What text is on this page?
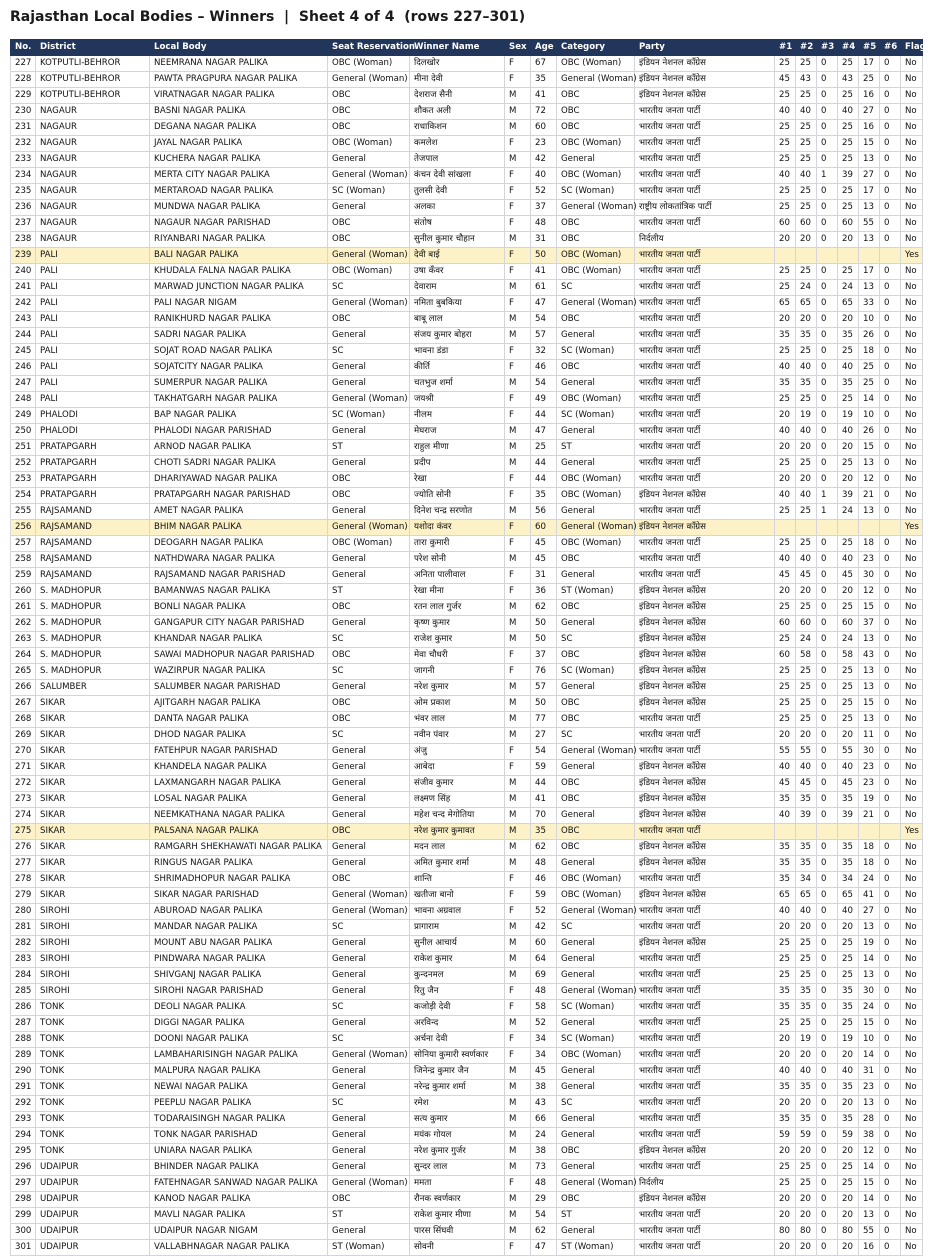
Rajasthan Local Bodies – Winners  |  Sheet 4 of 4  (rows 227–301)
No.	District	Local Body	Seat Reservation	Winner Name	Sex	Age	Category	Party	#1	#2	#3	#4	#5	#6	Flag
227	KOTPUTLI-BEHROR	NEEMRANA NAGAR PALIKA	OBC (Woman)	दिलखोर	F	67	OBC (Woman)	इंडियन नेशनल कॉंग्रेस	25	25	0	25	17	0	No
228	KOTPUTLI-BEHROR	PAWTA PRAGPURA NAGAR PALIKA	General (Woman)	मीना देवी	F	35	General (Woman)	इंडियन नेशनल कॉंग्रेस	45	43	0	43	25	0	No
229	KOTPUTLI-BEHROR	VIRATNAGAR NAGAR PALIKA	OBC	देशराज सैनी	M	41	OBC	इंडियन नेशनल कॉंग्रेस	25	25	0	25	16	0	No
230	NAGAUR	BASNI NAGAR PALIKA	OBC	शौकत अली	M	72	OBC	भारतीय जनता पार्टी	40	40	0	40	27	0	No
231	NAGAUR	DEGANA NAGAR PALIKA	OBC	राधाकिशन	M	60	OBC	भारतीय जनता पार्टी	25	25	0	25	16	0	No
232	NAGAUR	JAYAL NAGAR PALIKA	OBC (Woman)	कमलेश	F	23	OBC (Woman)	भारतीय जनता पार्टी	25	25	0	25	15	0	No
233	NAGAUR	KUCHERA NAGAR PALIKA	General	तेजपाल	M	42	General	भारतीय जनता पार्टी	25	25	0	25	13	0	No
234	NAGAUR	MERTA CITY NAGAR PALIKA	General (Woman)	कंचन देवी सांखला	F	40	OBC (Woman)	भारतीय जनता पार्टी	40	40	1	39	27	0	No
235	NAGAUR	MERTAROAD NAGAR PALIKA	SC (Woman)	तुलसी देवी	F	52	SC (Woman)	भारतीय जनता पार्टी	25	25	0	25	17	0	No
236	NAGAUR	MUNDWA NAGAR PALIKA	General	अलका	F	37	General (Woman)	राष्ट्रीय लोकतांत्रिक पार्टी	25	25	0	25	13	0	No
237	NAGAUR	NAGAUR NAGAR PARISHAD	OBC	संतोष	F	48	OBC	भारतीय जनता पार्टी	60	60	0	60	55	0	No
238	NAGAUR	RIYANBARI NAGAR PALIKA	OBC	सुनील कुमार चौहान	M	31	OBC	निर्दलीय	20	20	0	20	13	0	No
239	PALI	BALI NAGAR PALIKA	General (Woman)	देवी बाई	F	50	OBC (Woman)	भारतीय जनता पार्टी							Yes
240	PALI	KHUDALA FALNA NAGAR PALIKA	OBC (Woman)	उषा कँवर	F	41	OBC (Woman)	भारतीय जनता पार्टी	25	25	0	25	17	0	No
241	PALI	MARWAD JUNCTION NAGAR PALIKA	SC	देवाराम	M	61	SC	भारतीय जनता पार्टी	25	24	0	24	13	0	No
242	PALI	PALI NAGAR NIGAM	General (Woman)	नमिता बुबकिया	F	47	General (Woman)	भारतीय जनता पार्टी	65	65	0	65	33	0	No
243	PALI	RANIKHURD NAGAR PALIKA	OBC	बाबू लाल	M	54	OBC	भारतीय जनता पार्टी	20	20	0	20	10	0	No
244	PALI	SADRI NAGAR PALIKA	General	संजय कुमार बोहरा	M	57	General	भारतीय जनता पार्टी	35	35	0	35	26	0	No
245	PALI	SOJAT ROAD NAGAR PALIKA	SC	भावना डंडा	F	32	SC (Woman)	भारतीय जनता पार्टी	25	25	0	25	18	0	No
246	PALI	SOJATCITY NAGAR PALIKA	General	कीर्ति	F	46	OBC	भारतीय जनता पार्टी	40	40	0	40	25	0	No
247	PALI	SUMERPUR NAGAR PALIKA	General	चतभुज शर्मा	M	54	General	भारतीय जनता पार्टी	35	35	0	35	25	0	No
248	PALI	TAKHATGARH NAGAR PALIKA	General (Woman)	जयश्री	F	49	OBC (Woman)	भारतीय जनता पार्टी	25	25	0	25	14	0	No
249	PHALODI	BAP NAGAR PALIKA	SC (Woman)	नीलम	F	44	SC (Woman)	भारतीय जनता पार्टी	20	19	0	19	10	0	No
250	PHALODI	PHALODI NAGAR PARISHAD	General	मेघराज	M	47	General	भारतीय जनता पार्टी	40	40	0	40	26	0	No
251	PRATAPGARH	ARNOD NAGAR PALIKA	ST	राहुल मीणा	M	25	ST	भारतीय जनता पार्टी	20	20	0	20	15	0	No
252	PRATAPGARH	CHOTI SADRI NAGAR PALIKA	General	प्रदीप	M	44	General	भारतीय जनता पार्टी	25	25	0	25	13	0	No
253	PRATAPGARH	DHARIYAWAD NAGAR PALIKA	OBC	रेखा	F	44	OBC (Woman)	भारतीय जनता पार्टी	20	20	0	20	12	0	No
254	PRATAPGARH	PRATAPGARH NAGAR PARISHAD	OBC	ज्योति सोनी	F	35	OBC (Woman)	इंडियन नेशनल कॉंग्रेस	40	40	1	39	21	0	No
255	RAJSAMAND	AMET NAGAR PALIKA	General	दिनेश चन्द्र सरणोत	M	56	General	भारतीय जनता पार्टी	25	25	1	24	13	0	No
256	RAJSAMAND	BHIM NAGAR PALIKA	General (Woman)	यशोदा कंवर	F	60	General (Woman)	इंडियन नेशनल कॉंग्रेस							Yes
257	RAJSAMAND	DEOGARH NAGAR PALIKA	OBC (Woman)	तारा कुमारी	F	45	OBC (Woman)	भारतीय जनता पार्टी	25	25	0	25	18	0	No
258	RAJSAMAND	NATHDWARA NAGAR PALIKA	General	परेश सोनी	M	45	OBC	भारतीय जनता पार्टी	40	40	0	40	23	0	No
259	RAJSAMAND	RAJSAMAND NAGAR PARISHAD	General	अनिता पालीवाल	F	31	General	भारतीय जनता पार्टी	45	45	0	45	30	0	No
260	S. MADHOPUR	BAMANWAS NAGAR PALIKA	ST	रेखा मीना	F	36	ST (Woman)	इंडियन नेशनल कॉंग्रेस	20	20	0	20	12	0	No
261	S. MADHOPUR	BONLI NAGAR PALIKA	OBC	रतन लाल गुर्जर	M	62	OBC	इंडियन नेशनल कॉंग्रेस	25	25	0	25	15	0	No
262	S. MADHOPUR	GANGAPUR CITY NAGAR PARISHAD	General	कृष्ण कुमार	M	50	General	इंडियन नेशनल कॉंग्रेस	60	60	0	60	37	0	No
263	S. MADHOPUR	KHANDAR NAGAR PALIKA	SC	राजेश कुमार	M	50	SC	इंडियन नेशनल कॉंग्रेस	25	24	0	24	13	0	No
264	S. MADHOPUR	SAWAI MADHOPUR NAGAR PARISHAD	OBC	मेवा चौधरी	F	37	OBC	इंडियन नेशनल कॉंग्रेस	60	58	0	58	43	0	No
265	S. MADHOPUR	WAZIRPUR NAGAR PALIKA	SC	जागनी	F	76	SC (Woman)	इंडियन नेशनल कॉंग्रेस	25	25	0	25	13	0	No
266	SALUMBER	SALUMBER NAGAR PARISHAD	General	नरेश कुमार	M	57	General	इंडियन नेशनल कॉंग्रेस	25	25	0	25	13	0	No
267	SIKAR	AJITGARH NAGAR PALIKA	OBC	ओम प्रकाश	M	50	OBC	इंडियन नेशनल कॉंग्रेस	25	25	0	25	15	0	No
268	SIKAR	DANTA NAGAR PALIKA	OBC	भंवर लाल	M	77	OBC	भारतीय जनता पार्टी	25	25	0	25	13	0	No
269	SIKAR	DHOD NAGAR PALIKA	SC	नवीन पंवार	M	27	SC	भारतीय जनता पार्टी	20	20	0	20	11	0	No
270	SIKAR	FATEHPUR NAGAR PARISHAD	General	अंजु	F	54	General (Woman)	भारतीय जनता पार्टी	55	55	0	55	30	0	No
271	SIKAR	KHANDELA NAGAR PALIKA	General	आबेदा	F	59	General	इंडियन नेशनल कॉंग्रेस	40	40	0	40	23	0	No
272	SIKAR	LAXMANGARH NAGAR PALIKA	General	संजीव कुमार	M	44	OBC	इंडियन नेशनल कॉंग्रेस	45	45	0	45	23	0	No
273	SIKAR	LOSAL NAGAR PALIKA	General	लक्ष्मण सिंह	M	41	OBC	इंडियन नेशनल कॉंग्रेस	35	35	0	35	19	0	No
274	SIKAR	NEEMKATHANA NAGAR PALIKA	General	महेश चन्द मेगोतिया	M	70	General	इंडियन नेशनल कॉंग्रेस	40	39	0	39	21	0	No
275	SIKAR	PALSANA NAGAR PALIKA	OBC	नरेश कुमार कुमावत	M	35	OBC	भारतीय जनता पार्टी							Yes
276	SIKAR	RAMGARH SHEKHAWATI NAGAR PALIKA	General	मदन लाल	M	62	OBC	इंडियन नेशनल कॉंग्रेस	35	35	0	35	18	0	No
277	SIKAR	RINGUS NAGAR PALIKA	General	अमित कुमार शर्मा	M	48	General	इंडियन नेशनल कॉंग्रेस	35	35	0	35	18	0	No
278	SIKAR	SHRIMADHOPUR NAGAR PALIKA	OBC	शान्ति	F	46	OBC (Woman)	भारतीय जनता पार्टी	35	34	0	34	24	0	No
279	SIKAR	SIKAR NAGAR PARISHAD	General (Woman)	खतीजा बानो	F	59	OBC (Woman)	इंडियन नेशनल कॉंग्रेस	65	65	0	65	41	0	No
280	SIROHI	ABUROAD NAGAR PALIKA	General (Woman)	भावना अग्रवाल	F	52	General (Woman)	भारतीय जनता पार्टी	40	40	0	40	27	0	No
281	SIROHI	MANDAR NAGAR PALIKA	SC	प्रागाराम	M	42	SC	भारतीय जनता पार्टी	20	20	0	20	13	0	No
282	SIROHI	MOUNT ABU NAGAR PALIKA	General	सुनील आचार्य	M	60	General	इंडियन नेशनल कॉंग्रेस	25	25	0	25	19	0	No
283	SIROHI	PINDWARA NAGAR PALIKA	General	राकेश कुमार	M	64	General	भारतीय जनता पार्टी	25	25	0	25	14	0	No
284	SIROHI	SHIVGANJ NAGAR PALIKA	General	कुन्दनमल	M	69	General	भारतीय जनता पार्टी	25	25	0	25	13	0	No
285	SIROHI	SIROHI NAGAR PARISHAD	General	रितु जैन	F	48	General (Woman)	भारतीय जनता पार्टी	35	35	0	35	30	0	No
286	TONK	DEOLI NAGAR PALIKA	SC	कजोड़ी देवी	F	58	SC (Woman)	भारतीय जनता पार्टी	35	35	0	35	24	0	No
287	TONK	DIGGI NAGAR PALIKA	General	अरविन्द	M	52	General	भारतीय जनता पार्टी	25	25	0	25	15	0	No
288	TONK	DOONI NAGAR PALIKA	SC	अर्चना देवी	F	34	SC (Woman)	भारतीय जनता पार्टी	20	19	0	19	10	0	No
289	TONK	LAMBAHARISINGH NAGAR PALIKA	General (Woman)	सोनिया कुमारी स्वर्णकार	F	34	OBC (Woman)	भारतीय जनता पार्टी	20	20	0	20	14	0	No
290	TONK	MALPURA NAGAR PALIKA	General	जिनेन्द्र कुमार जैन	M	45	General	भारतीय जनता पार्टी	40	40	0	40	31	0	No
291	TONK	NEWAI NAGAR PALIKA	General	नरेन्द्र कुमार शर्मा	M	38	General	भारतीय जनता पार्टी	35	35	0	35	23	0	No
292	TONK	PEEPLU NAGAR PALIKA	SC	रमेश	M	43	SC	भारतीय जनता पार्टी	20	20	0	20	13	0	No
293	TONK	TODARAISINGH NAGAR PALIKA	General	सत्य कुमार	M	66	General	भारतीय जनता पार्टी	35	35	0	35	28	0	No
294	TONK	TONK NAGAR PARISHAD	General	मयंक गोयल	M	24	General	भारतीय जनता पार्टी	59	59	0	59	38	0	No
295	TONK	UNIARA NAGAR PALIKA	General	नरेश कुमार गुर्जर	M	38	OBC	इंडियन नेशनल कॉंग्रेस	20	20	0	20	12	0	No
296	UDAIPUR	BHINDER NAGAR PALIKA	General	सुन्दर लाल	M	73	General	भारतीय जनता पार्टी	25	25	0	25	14	0	No
297	UDAIPUR	FATEHNAGAR SANWAD NAGAR PALIKA	General (Woman)	ममता	F	48	General (Woman)	निर्दलीय	25	25	0	25	15	0	No
298	UDAIPUR	KANOD NAGAR PALIKA	OBC	रौनक स्वर्णकार	M	29	OBC	इंडियन नेशनल कॉंग्रेस	20	20	0	20	14	0	No
299	UDAIPUR	MAVLI NAGAR PALIKA	ST	राकेश कुमार मीणा	M	54	ST	भारतीय जनता पार्टी	20	20	0	20	13	0	No
300	UDAIPUR	UDAIPUR NAGAR NIGAM	General	पारस सिंघवी	M	62	General	भारतीय जनता पार्टी	80	80	0	80	55	0	No
301	UDAIPUR	VALLABHNAGAR NAGAR PALIKA	ST (Woman)	सोवनी	F	47	ST (Woman)	भारतीय जनता पार्टी	20	20	0	20	16	0	No
